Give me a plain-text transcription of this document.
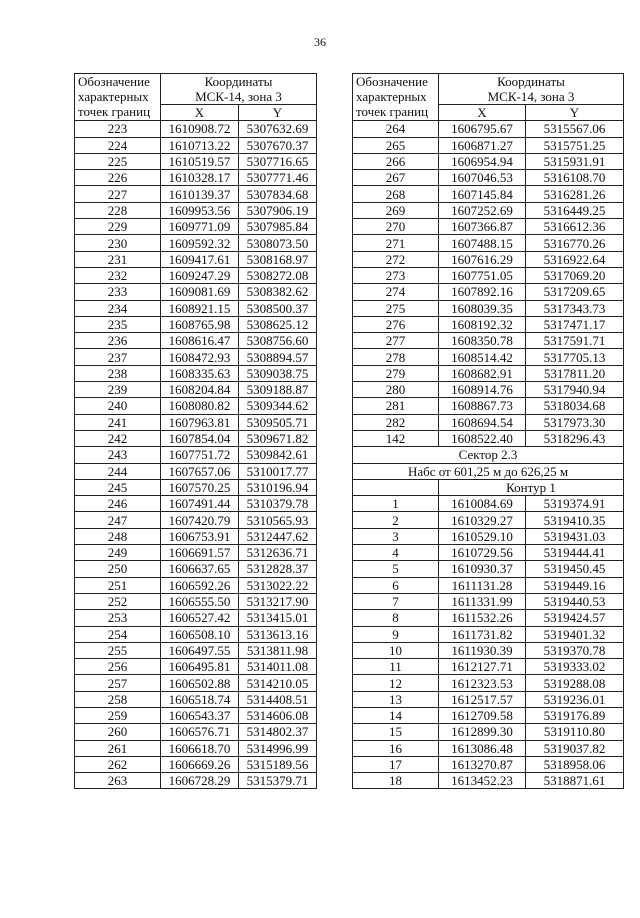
36
Обозначение
характерных
точек границ	Координаты
МСК-14, зона 3	

	X	Y
223	1610908.72	5307632.69
224	1610713.22	5307670.37
225	1610519.57	5307716.65
226	1610328.17	5307771.46
227	1610139.37	5307834.68
228	1609953.56	5307906.19
229	1609771.09	5307985.84
230	1609592.32	5308073.50
231	1609417.61	5308168.97
232	1609247.29	5308272.08
233	1609081.69	5308382.62
234	1608921.15	5308500.37
235	1608765.98	5308625.12
236	1608616.47	5308756.60
237	1608472.93	5308894.57
238	1608335.63	5309038.75
239	1608204.84	5309188.87
240	1608080.82	5309344.62
241	1607963.81	5309505.71
242	1607854.04	5309671.82
243	1607751.72	5309842.61
244	1607657.06	5310017.77
245	1607570.25	5310196.94
246	1607491.44	5310379.78
247	1607420.79	5310565.93
248	1606753.91	5312447.62
249	1606691.57	5312636.71
250	1606637.65	5312828.37
251	1606592.26	5313022.22
252	1606555.50	5313217.90
253	1606527.42	5313415.01
254	1606508.10	5313613.16
255	1606497.55	5313811.98
256	1606495.81	5314011.08
257	1606502.88	5314210.05
258	1606518.74	5314408.51
259	1606543.37	5314606.08
260	1606576.71	5314802.37
261	1606618.70	5314996.99
262	1606669.26	5315189.56
263	1606728.29	5315379.71
Обозначение
характерных
точек границ	Координаты
МСК-14, зона 3	

	X	Y
264	1606795.67	5315567.06
265	1606871.27	5315751.25
266	1606954.94	5315931.91
267	1607046.53	5316108.70
268	1607145.84	5316281.26
269	1607252.69	5316449.25
270	1607366.87	5316612.36
271	1607488.15	5316770.26
272	1607616.29	5316922.64
273	1607751.05	5317069.20
274	1607892.16	5317209.65
275	1608039.35	5317343.73
276	1608192.32	5317471.17
277	1608350.78	5317591.71
278	1608514.42	5317705.13
279	1608682.91	5317811.20
280	1608914.76	5317940.94
281	1608867.73	5318034.68
282	1608694.54	5317973.30
142	1608522.40	5318296.43
Сектор 2.3		
Набс от 601,25 м до 626,25 м		
	Контур 1	
1	1610084.69	5319374.91
2	1610329.27	5319410.35
3	1610529.10	5319431.03
4	1610729.56	5319444.41
5	1610930.37	5319450.45
6	1611131.28	5319449.16
7	1611331.99	5319440.53
8	1611532.26	5319424.57
9	1611731.82	5319401.32
10	1611930.39	5319370.78
11	1612127.71	5319333.02
12	1612323.53	5319288.08
13	1612517.57	5319236.01
14	1612709.58	5319176.89
15	1612899.30	5319110.80
16	1613086.48	5319037.82
17	1613270.87	5318958.06
18	1613452.23	5318871.61
